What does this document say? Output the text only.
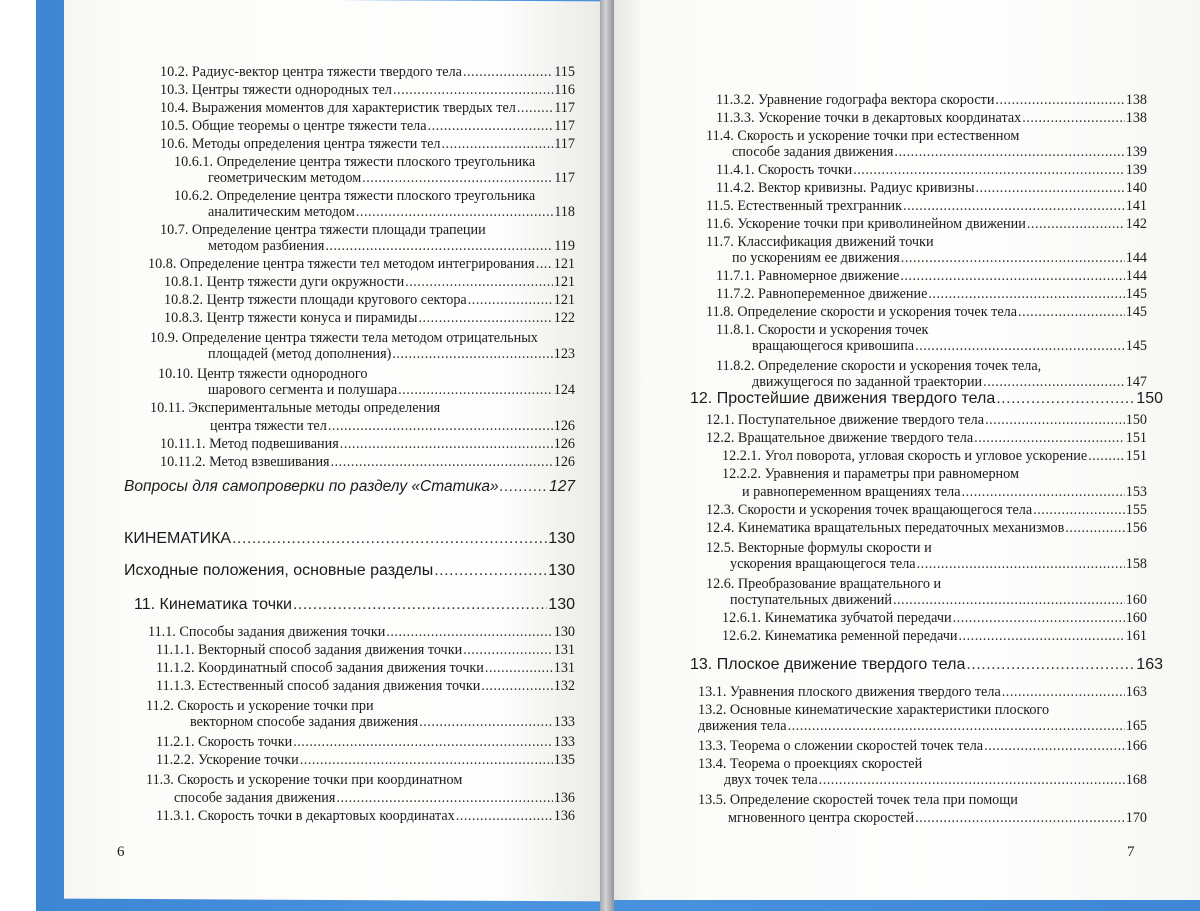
10.2. Радиус-вектор центра тяжести твердого тела .....	115
10.3. Центры тяжести однородных тел .....	116
10.4. Выражения моментов для характеристик твердых тел .....	117
10.5. Общие теоремы о центре тяжести тела .....	117
10.6. Методы определения центра тяжести тел .....	117
10.6.1. Определение центра тяжести плоского треугольника
геометрическим методом .....	117
10.6.2. Определение центра тяжести плоского треугольника
аналитическим методом .....	118
10.7. Определение центра тяжести площади трапеции
методом разбиения .....	119
10.8. Определение центра тяжести тел методом интегрирования ..... 121
10.8.1. Центр тяжести дуги окружности .....	121
10.8.2. Центр тяжести площади кругового сектора .....	121
10.8.3. Центр тяжести конуса и пирамиды .....	122
10.9. Определение центра тяжести тела методом отрицательных
площадей (метод дополнения) .....	123
10.10. Центр тяжести однородного
шарового сегмента и полушара .....	124
10.11. Экспериментальные методы определения
центра тяжести тел .....	126
10.11.1. Метод подвешивания .....	126
10.11.2. Метод взвешивания .....	126
Вопросы для самопроверки по разделу «Статика» .....	127
КИНЕМАТИКА .....	130
Исходные положения, основные разделы .....	130
11. Кинематика точки .....	130
11.1. Способы задания движения точки .....	130
11.1.1. Векторный способ задания движения точки .....	131
11.1.2. Координатный способ задания движения точки .....	131
11.1.3. Естественный способ задания движения точки .....	132
11.2. Скорость и ускорение точки при
векторном способе задания движения .....	133
11.2.1. Скорость точки .....	133
11.2.2. Ускорение точки .....	135
11.3. Скорость и ускорение точки при координатном
способе задания движения .....	136
11.3.1. Скорость точки в декартовых координатах .....	136
11.3.2. Уравнение годографа вектора скорости .....	138
11.3.3. Ускорение точки в декартовых координатах .....	138
11.4. Скорость и ускорение точки при естественном
способе задания движения .....	139
11.4.1. Скорость точки .....	139
11.4.2. Вектор кривизны. Радиус кривизны .....	140
11.5. Естественный трехгранник .....	141
11.6. Ускорение точки при криволинейном движении .....	142
11.7. Классификация движений точки
по ускорениям ее движения .....	144
11.7.1. Равномерное движение .....	144
11.7.2. Равнопеременное движение .....	145
11.8. Определение скорости и ускорения точек тела .....	145
11.8.1. Скорости и ускорения точек
вращающегося кривошипа .....	145
11.8.2. Определение скорости и ускорения точек тела,
движущегося по заданной траектории .....	147
12. Простейшие движения твердого тела .....	150
12.1. Поступательное движение твердого тела .....	150
12.2. Вращательное движение твердого тела .....	151
12.2.1. Угол поворота, угловая скорость и угловое ускорение .....	151
12.2.2. Уравнения и параметры при равномерном
и равнопеременном вращениях тела .....	153
12.3. Скорости и ускорения точек вращающегося тела .....	155
12.4. Кинематика вращательных передаточных механизмов .....	156
12.5. Векторные формулы скорости и
ускорения вращающегося тела .....	158
12.6. Преобразование вращательного и
поступательных движений .....	160
12.6.1. Кинематика зубчатой передачи .....	160
12.6.2. Кинематика ременной передачи .....	161
13. Плоское движение твердого тела .....	163
13.1. Уравнения плоского движения твердого тела .....	163
13.2. Основные кинематические характеристики плоского
движения тела .....	165
13.3. Теорема о сложении скоростей точек тела .....	166
13.4. Теорема о проекциях скоростей
двух точек тела .....	168
13.5. Определение скоростей точек тела при помощи
мгновенного центра скоростей .....	170
6	7
